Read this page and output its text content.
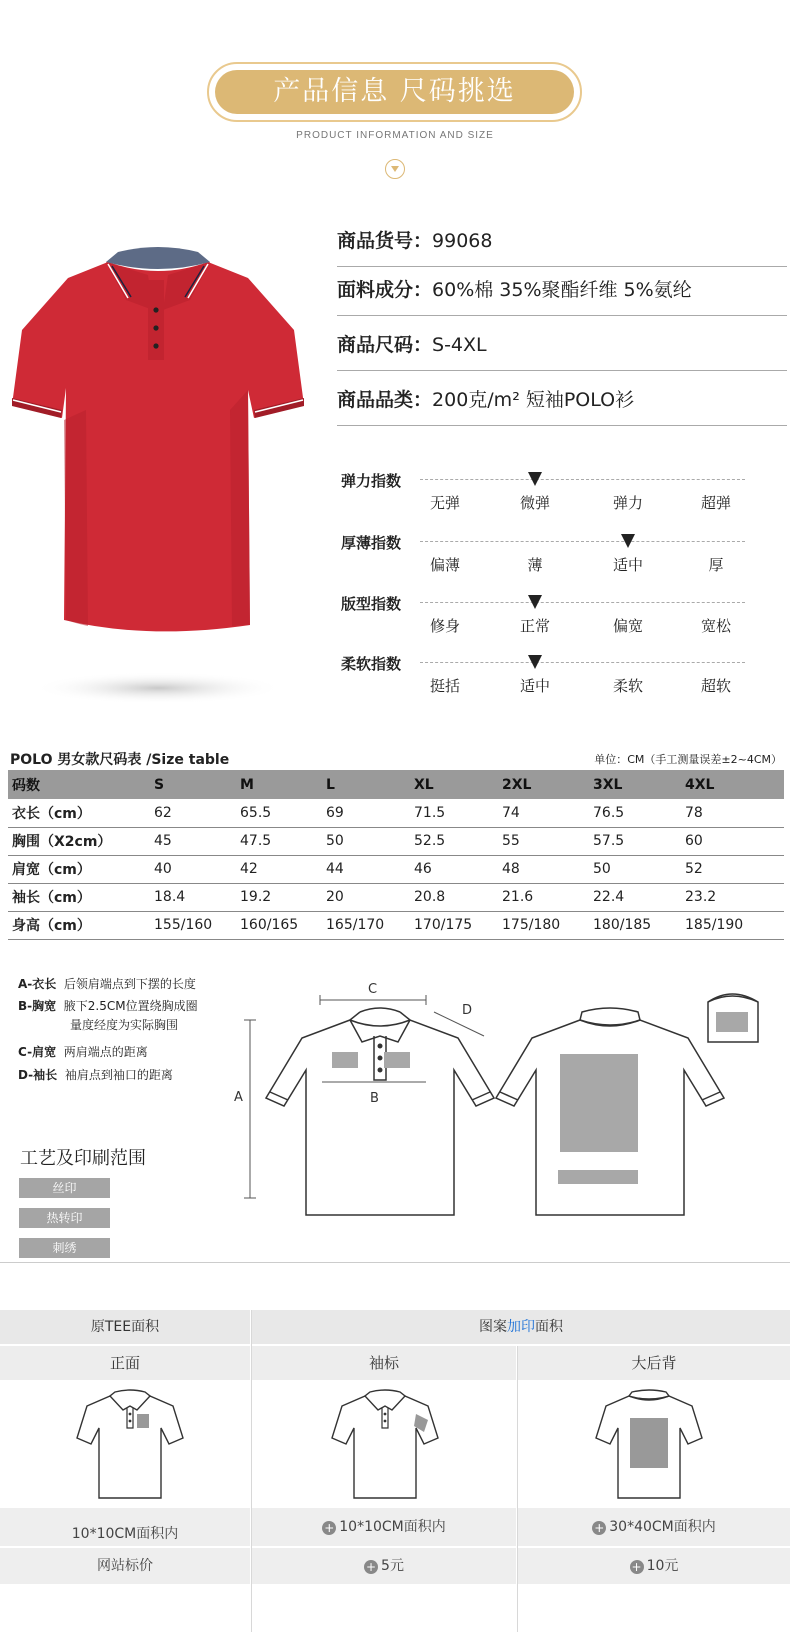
产品信息 尺码挑选
PRODUCT INFORMATION AND SIZE
商品货号：99068
面料成分：60%棉 35%聚酯纤维 5%氨纶
商品尺码：S-4XL
商品品类：200克/m² 短袖POLO衫
弹力指数
无弹	微弹	弹力	超弹
厚薄指数
偏薄	薄	适中	厚
版型指数
修身	正常	偏宽	宽松
柔软指数
挺括	适中	柔软	超软
POLO 男女款尺码表 /Size table	单位：CM（手工测量误差±2~4CM）
码数	S	M	L	XL	2XL	3XL	4XL
衣长（cm）	62	65.5	69	71.5	74	76.5	78
胸围（X2cm）	45	47.5	50	52.5	55	57.5	60
肩宽（cm）	40	42	44	46	48	50	52
袖长（cm）	18.4	19.2	20	20.8	21.6	22.4	23.2
身高（cm）	155/160	160/165	165/170	170/175	175/180	180/185	185/190
A-衣长 后领肩端点到下摆的长度
B-胸宽 腋下2.5CM位置绕胸成圈
量度经度为实际胸围
C-肩宽 两肩端点的距离
D-袖长 袖肩点到袖口的距离
工艺及印刷范围
丝印
热转印
刺绣
A
C
B
D
原TEE面积	图案加印面积
正面	袖标	大后背
10*10CM面积内	+ 10*10CM面积内	+ 30*40CM面积内
网站标价	+ 5元	+ 10元
